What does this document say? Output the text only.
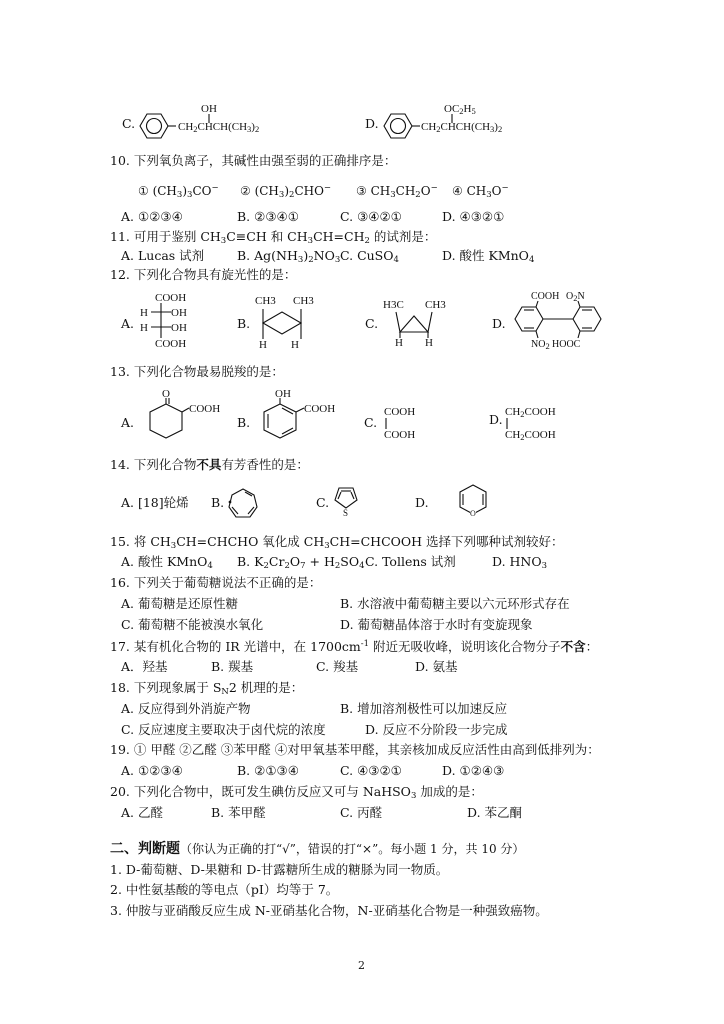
C.
OH
CH2CHCH(CH3)2	D.
OC2H5
CH2CHCH(CH3)2
10. 下列氧负离子，其碱性由强至弱的正确排序是：
① (CH3)3CO− ② (CH3)2CHO− ③ CH3CH2O− ④ CH3O−
A. ①②③④	B. ②③④①	C. ③④②①	D. ④③②①
11. 可用于鉴别 CH3C≡CH 和 CH3CH=CH2 的试剂是：
A. Lucas 试剂	B. Ag(NH3)2NO3 C. CuSO4	D. 酸性 KMnO4
12. 下列化合物具有旋光性的是：
A.
COOH
H OH
H OH
COOH
B.
CH3 CH3
H H
C.
H3C CH3
H H
D.
COOH $O_2N$
$NO_2$ HOOC
13. 下列化合物最易脱羧的是：
A.
O
COOH
B.
OH
COOH
C.
COOH
COOH
D. CH2COOH
CH2COOH
14. 下列化合物不具有芳香性的是：
A. [18]轮烯 B.	C.
S
D.
O
15. 将 CH3CH=CHCHO 氧化成 CH3CH=CHCOOH 选择下列哪种试剂较好：
A. 酸性 KMnO4 B. K2Cr2O7 + H2SO4 C. Tollens 试剂	D. HNO3
16. 下列关于葡萄糖说法不正确的是：
A. 葡萄糖是还原性糖	B. 水溶液中葡萄糖主要以六元环形式存在
C. 葡萄糖不能被溴水氧化	D. 葡萄糖晶体溶于水时有变旋现象
17. 某有机化合物的 IR 光谱中，在 $1700cm^{-1}$ 附近无吸收峰，说明该化合物分子不含：
A．羟基	B. 羰基	C. 羧基	D. 氨基
18. 下列现象属于 SN2 机理的是：
A. 反应得到外消旋产物	B. 增加溶剂极性可以加速反应
C. 反应速度主要取决于卤代烷的浓度	D. 反应不分阶段一步完成
19. ① 甲醛 ②乙醛 ③苯甲醛 ④对甲氧基苯甲醛，其亲核加成反应活性由高到低排列为：
A. ①②③④	B. ②①③④	C. ④③②①	D. ①②④③
20. 下列化合物中，既可发生碘仿反应又可与 NaHSO3 加成的是：
A. 乙醛	B. 苯甲醛	C. 丙醛	D. 苯乙酮
二、判断题（你认为正确的打“√”，错误的打“×”。每小题 1 分，共 10 分）
1. D-葡萄糖、D-果糖和 D-甘露糖所生成的糖脎为同一物质。
2. 中性氨基酸的等电点（pI）均等于 7。
3. 仲胺与亚硝酸反应生成 N-亚硝基化合物，N-亚硝基化合物是一种强致癌物。
2
